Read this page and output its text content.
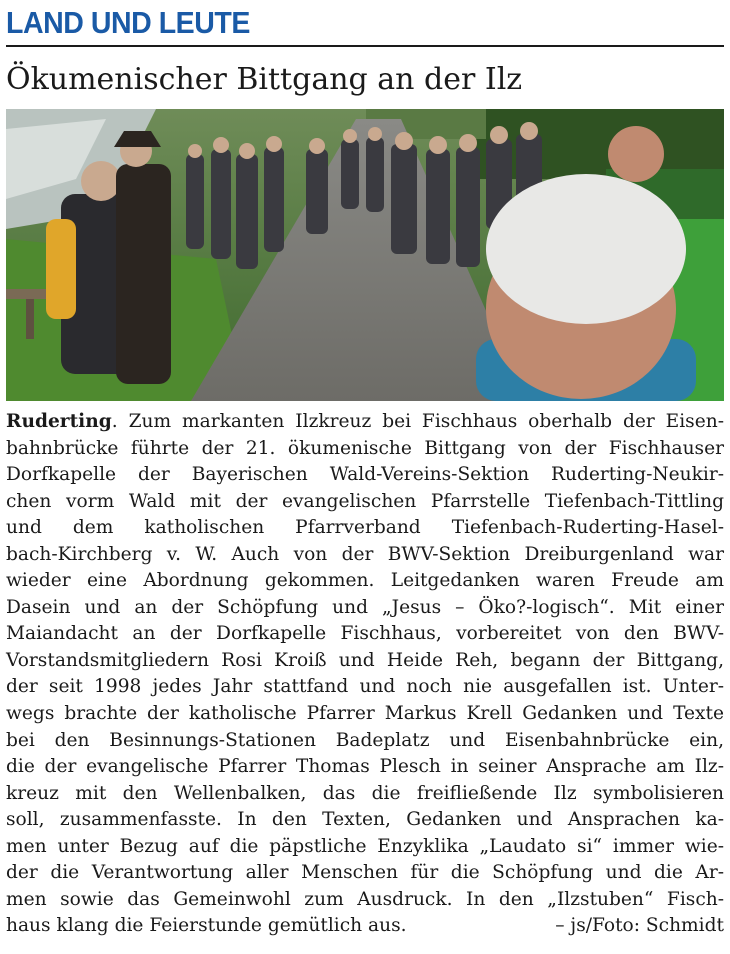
LAND UND LEUTE
Ökumenischer Bittgang an der Ilz
Ruderting. Zum markanten Ilzkreuz bei Fischhaus oberhalb der Eisen-
bahnbrücke führte der 21. ökumenische Bittgang von der Fischhauser
Dorfkapelle der Bayerischen Wald-Vereins-Sektion Ruderting-Neukir-
chen vorm Wald mit der evangelischen Pfarrstelle Tiefenbach-Tittling
und dem katholischen Pfarrverband Tiefenbach-Ruderting-Hasel-
bach-Kirchberg v. W. Auch von der BWV-Sektion Dreiburgenland war
wieder eine Abordnung gekommen. Leitgedanken waren Freude am
Dasein und an der Schöpfung und „Jesus – Öko?-logisch“. Mit einer
Maiandacht an der Dorfkapelle Fischhaus, vorbereitet von den BWV-
Vorstandsmitgliedern Rosi Kroiß und Heide Reh, begann der Bittgang,
der seit 1998 jedes Jahr stattfand und noch nie ausgefallen ist. Unter-
wegs brachte der katholische Pfarrer Markus Krell Gedanken und Texte
bei den Besinnungs-Stationen Badeplatz und Eisenbahnbrücke ein,
die der evangelische Pfarrer Thomas Plesch in seiner Ansprache am Ilz-
kreuz mit den Wellenbalken, das die freifließende Ilz symbolisieren
soll, zusammenfasste. In den Texten, Gedanken und Ansprachen ka-
men unter Bezug auf die päpstliche Enzyklika „Laudato si“ immer wie-
der die Verantwortung aller Menschen für die Schöpfung und die Ar-
men sowie das Gemeinwohl zum Ausdruck. In den „Ilzstuben“ Fisch-
haus klang die Feierstunde gemütlich aus.	– js/Foto: Schmidt
